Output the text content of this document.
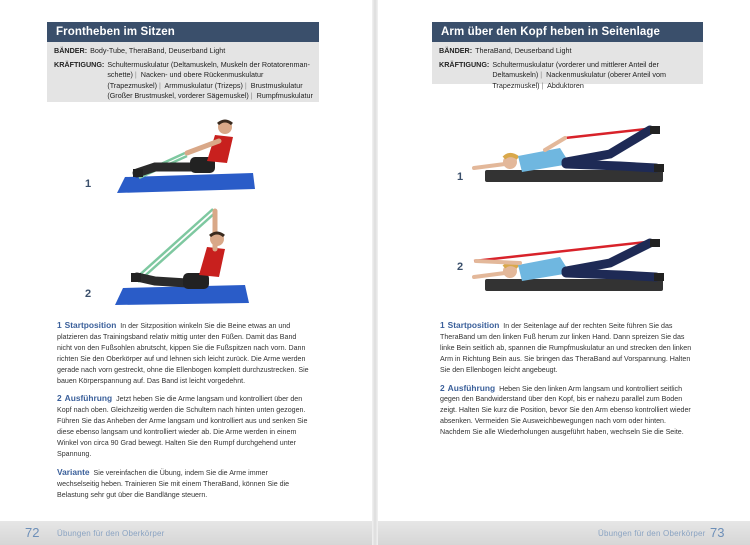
Frontheben im Sitzen
BÄNDER: Body-Tube, TheraBand, Deuserband Light
KRÄFTIGUNG: Schultermuskulatur (Deltamuskeln, Muskeln der Rotatorenman-schette) | Nacken- und obere Rückenmuskulatur (Trapezmuskel) | Armmuskulatur (Trizeps) | Brustmuskulatur (Großer Brustmuskel, vorderer Sägemuskel) | Rumpfmuskulatur
1
2

1 Startposition In der Sitzposition winkeln Sie die Beine etwas an und platzieren das Trainingsband relativ mittig unter den Füßen. Damit das Band nicht von den Fußsohlen abrutscht, kippen Sie die Fußspitzen nach vorn. Dann richten Sie den Oberkörper auf und lehnen sich leicht zurück. Die Arme werden gerade nach vorn gestreckt, ohne die Ellenbogen komplett durchzustrecken. Sie bauen Körperspannung auf. Das Band ist leicht vorgedehnt.

2 Ausführung Jetzt heben Sie die Arme langsam und kontrolliert über den Kopf nach oben. Gleichzeitig werden die Schultern nach hinten unten gezogen. Führen Sie das Anheben der Arme langsam und kontrolliert aus und senken Sie diese ebenso langsam und kontrolliert wieder ab. Die Arme werden in einem Winkel von circa 90 Grad bewegt. Halten Sie den Rumpf durchgehend unter Spannung.

Variante Sie vereinfachen die Übung, indem Sie die Arme immer wechselseitig heben. Trainieren Sie mit einem TheraBand, können Sie die Belastung sehr gut über die Bandlänge steuern.

72 Übungen für den Oberkörper
Arm über den Kopf heben in Seitenlage
BÄNDER: TheraBand, Deuserband Light
KRÄFTIGUNG: Schultermuskulatur (vorderer und mittlerer Anteil der Deltamuskeln) | Nackenmuskulatur (oberer Anteil vom Trapezmuskel) | Abduktoren
1
2

1 Startposition In der Seitenlage auf der rechten Seite führen Sie das TheraBand um den linken Fuß herum zur linken Hand. Dann spreizen Sie das linke Bein seitlich ab, spannen die Rumpfmuskulatur an und strecken den linken Arm in Richtung Bein aus. Sie bringen das TheraBand auf Vorspannung. Halten Sie den Ellenbogen leicht angebeugt.

2 Ausführung Heben Sie den linken Arm langsam und kontrolliert seitlich gegen den Bandwiderstand über den Kopf, bis er nahezu parallel zum Boden zeigt. Halten Sie kurz die Position, bevor Sie den Arm ebenso kontrolliert wieder absenken. Vermeiden Sie Ausweichbewegungen nach vorn oder hinten. Nachdem Sie alle Wiederholungen ausgeführt haben, wechseln Sie die Seite.

Übungen für den Oberkörper 73
